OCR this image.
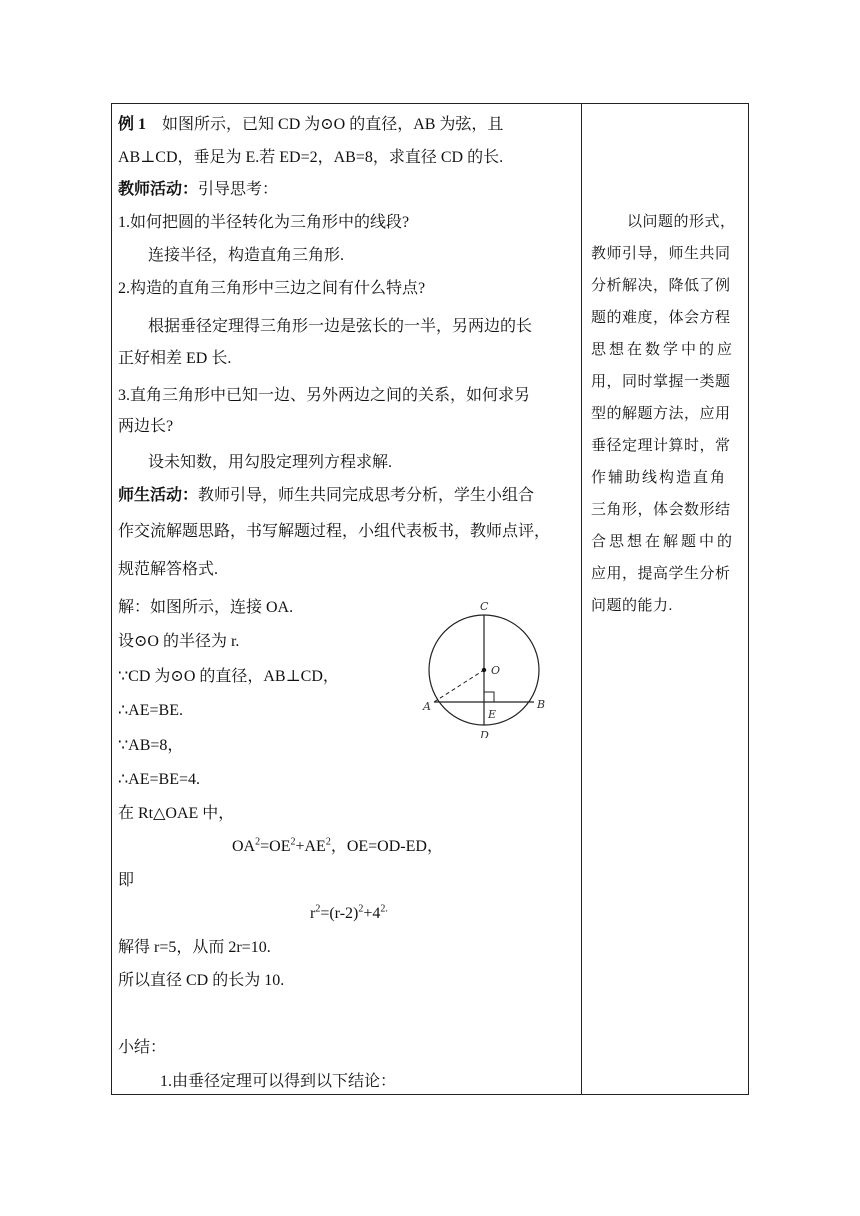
例 1 如图所示，已知 CD 为⊙O 的直径，AB 为弦，且
AB⊥CD，垂足为 E.若 ED=2，AB=8，求直径 CD 的长.
教师活动：引导思考：
1.如何把圆的半径转化为三角形中的线段?
连接半径，构造直角三角形.
2.构造的直角三角形中三边之间有什么特点?
根据垂径定理得三角形一边是弦长的一半，另两边的长
正好相差 ED 长.
3.直角三角形中已知一边、另外两边之间的关系，如何求另
两边长?
设未知数，用勾股定理列方程求解.
师生活动：教师引导，师生共同完成思考分析，学生小组合
作交流解题思路，书写解题过程，小组代表板书，教师点评，
规范解答格式.
解：如图所示，连接 OA.
设⊙O 的半径为 r.
∵CD 为⊙O 的直径，AB⊥CD，
∴AE=BE.
∵AB=8，
∴AE=BE=4.
在 Rt△OAE 中，
$OA^2=OE^2+AE^2$，OE=OD-ED，
即
$r^2=(r-2)^2+4^{2.}$
解得 r=5，从而 2r=10.
所以直径 CD 的长为 10.
小结：
1.由垂径定理可以得到以下结论：
C
O
A	B
E
D
以问题的形式，
教师引导，师生共同
分析解决，降低了例
题的难度，体会方程
思想在数学中的应
用，同时掌握一类题
型的解题方法，应用
垂径定理计算时，常
作辅助线构造直角
三角形，体会数形结
合思想在解题中的
应用，提高学生分析
问题的能力.
